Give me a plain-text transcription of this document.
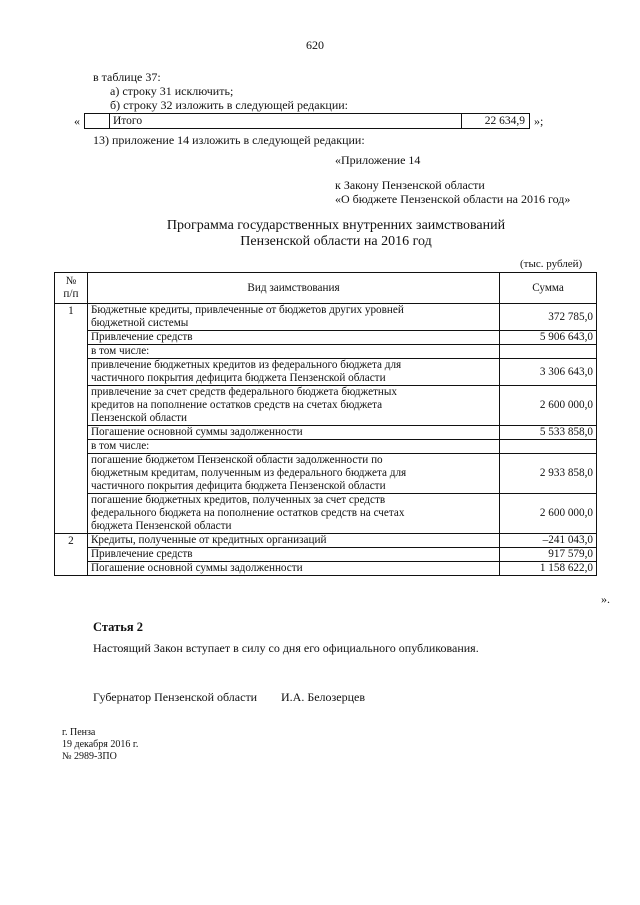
620
в таблице 37:
а) строку 31 исключить;
б) строку 32 изложить в следующей редакции:
«	Итого	22 634,9 »;
13) приложение 14 изложить в следующей редакции:
«Приложение 14
к Закону Пензенской области
«О бюджете Пензенской области на 2016 год»
Программа государственных внутренних заимствований
Пензенской области на 2016 год
(тыс. рублей)
№
п/п	Вид заимствования	Сумма
1	Бюджетные кредиты, привлеченные от бюджетов других уровней
бюджетной системы	372 785,0

	Привлечение средств	5 906 643,0

	в том числе:	

	привлечение бюджетных кредитов из федерального бюджета для
частичного покрытия дефицита бюджета Пензенской области	3 306 643,0

	привлечение за счет средств федерального бюджета бюджетных
кредитов на пополнение остатков средств на счетах бюджета
Пензенской области	2 600 000,0

	Погашение основной суммы задолженности	5 533 858,0

	в том числе:	

	погашение бюджетом Пензенской области задолженности по
бюджетным кредитам, полученным из федерального бюджета для
частичного покрытия дефицита бюджета Пензенской области	2 933 858,0

	погашение бюджетных кредитов, полученных за счет средств
федерального бюджета на пополнение остатков средств на счетах
бюджета Пензенской области	2 600 000,0
2	Кредиты, полученные от кредитных организаций	–241 043,0

	Привлечение средств	917 579,0

	Погашение основной суммы задолженности	1 158 622,0
».
Статья 2
Настоящий Закон вступает в силу со дня его официального опубликования.
Губернатор Пензенской области И.А. Белозерцев
г. Пенза
19 декабря 2016 г.
№ 2989-ЗПО
